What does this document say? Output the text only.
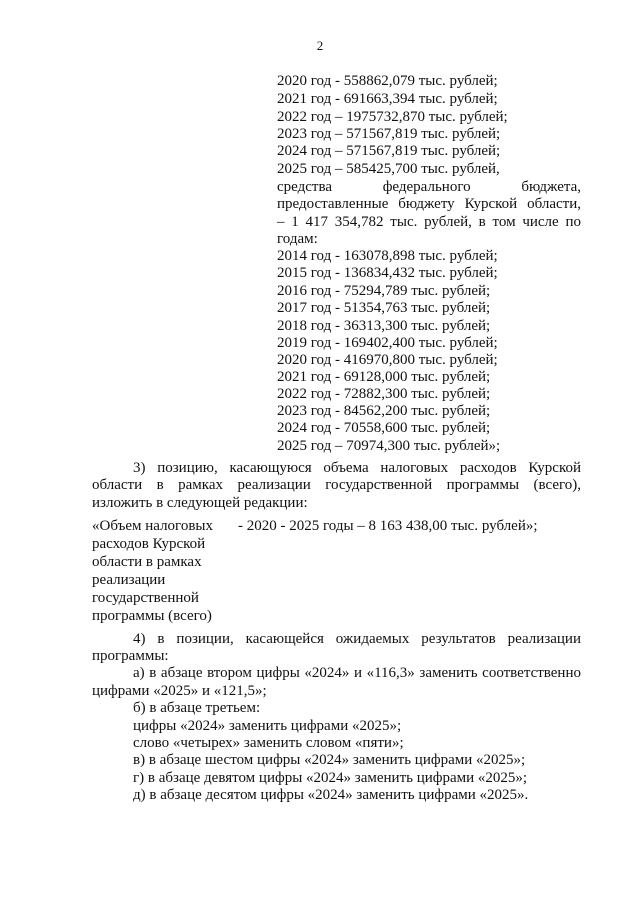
2
2020 год - 558862,079 тыс. рублей;
2021 год - 691663,394 тыс. рублей;
2022 год – 1975732,870 тыс. рублей;
2023 год – 571567,819 тыс. рублей;
2024 год – 571567,819 тыс. рублей;
2025 год – 585425,700 тыс. рублей,
средства федерального бюджета,
предоставленные бюджету Курской области,
– 1 417 354,782 тыс. рублей, в том числе по
годам:
2014 год - 163078,898 тыс. рублей;
2015 год - 136834,432 тыс. рублей;
2016 год - 75294,789 тыс. рублей;
2017 год - 51354,763 тыс. рублей;
2018 год - 36313,300 тыс. рублей;
2019 год - 169402,400 тыс. рублей;
2020 год - 416970,800 тыс. рублей;
2021 год - 69128,000 тыс. рублей;
2022 год - 72882,300 тыс. рублей;
2023 год - 84562,200 тыс. рублей;
2024 год - 70558,600 тыс. рублей;
2025 год – 70974,300 тыс. рублей»;
3) позицию, касающуюся объема налоговых расходов Курской
области в рамках реализации государственной программы (всего),
изложить в следующей редакции:
«Объем налоговых
расходов Курской
области в рамках
реализации
государственной
программы (всего)
- 2020 - 2025 годы – 8 163 438,00 тыс. рублей»;
4) в позиции, касающейся ожидаемых результатов реализации
программы:
а) в абзаце втором цифры «2024» и «116,3» заменить соответственно
цифрами «2025» и «121,5»;
б) в абзаце третьем:
цифры «2024» заменить цифрами «2025»;
слово «четырех» заменить словом «пяти»;
в) в абзаце шестом цифры «2024» заменить цифрами «2025»;
г) в абзаце девятом цифры «2024» заменить цифрами «2025»;
д) в абзаце десятом цифры «2024» заменить цифрами «2025».
